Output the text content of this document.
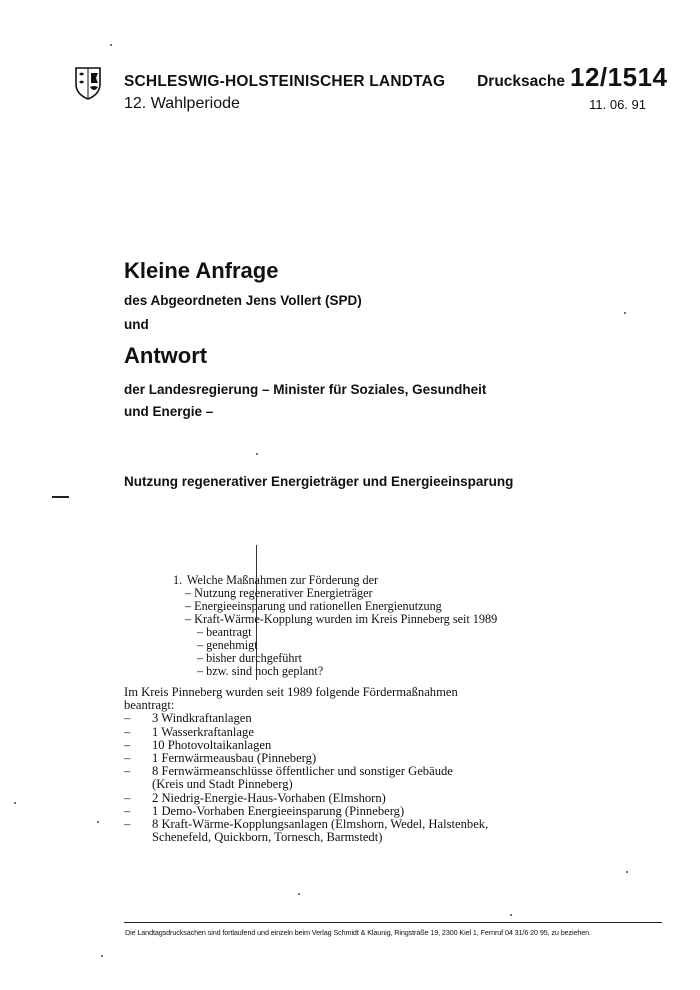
SCHLESWIG-HOLSTEINISCHER LANDTAG
12. Wahlperiode
Drucksache 12/1514
11. 06. 91
Kleine Anfrage
des Abgeordneten Jens Vollert (SPD)
und
Antwort
der Landesregierung – Minister für Soziales, Gesundheit
und Energie –
Nutzung regenerativer Energieträger und Energieeinsparung
1. Welche Maßnahmen zur Förderung der
– Nutzung regenerativer Energieträger
– Energieeinsparung und rationellen Energienutzung
– Kraft-Wärme-Kopplung wurden im Kreis Pinneberg seit 1989
– beantragt
– genehmigt
– bisher durchgeführt
– bzw. sind noch geplant?
Im Kreis Pinneberg wurden seit 1989 folgende Fördermaßnahmen
beantragt:
– 3 Windkraftanlagen
– 1 Wasserkraftanlage
– 10 Photovoltaikanlagen
– 1 Fernwärmeausbau (Pinneberg)
– 8 Fernwärmeanschlüsse öffentlicher und sonstiger Gebäude
(Kreis und Stadt Pinneberg)
– 2 Niedrig-Energie-Haus-Vorhaben (Elmshorn)
– 1 Demo-Vorhaben Energieeinsparung (Pinneberg)
– 8 Kraft-Wärme-Kopplungsanlagen (Elmshorn, Wedel, Halstenbek,
Schenefeld, Quickborn, Tornesch, Barmstedt)
Die Landtagsdrucksachen sind fortlaufend und einzeln beim Verlag Schmidt & Klaunig, Ringstraße 19, 2300 Kiel 1, Fernruf 04 31/6 20 95, zu beziehen.
